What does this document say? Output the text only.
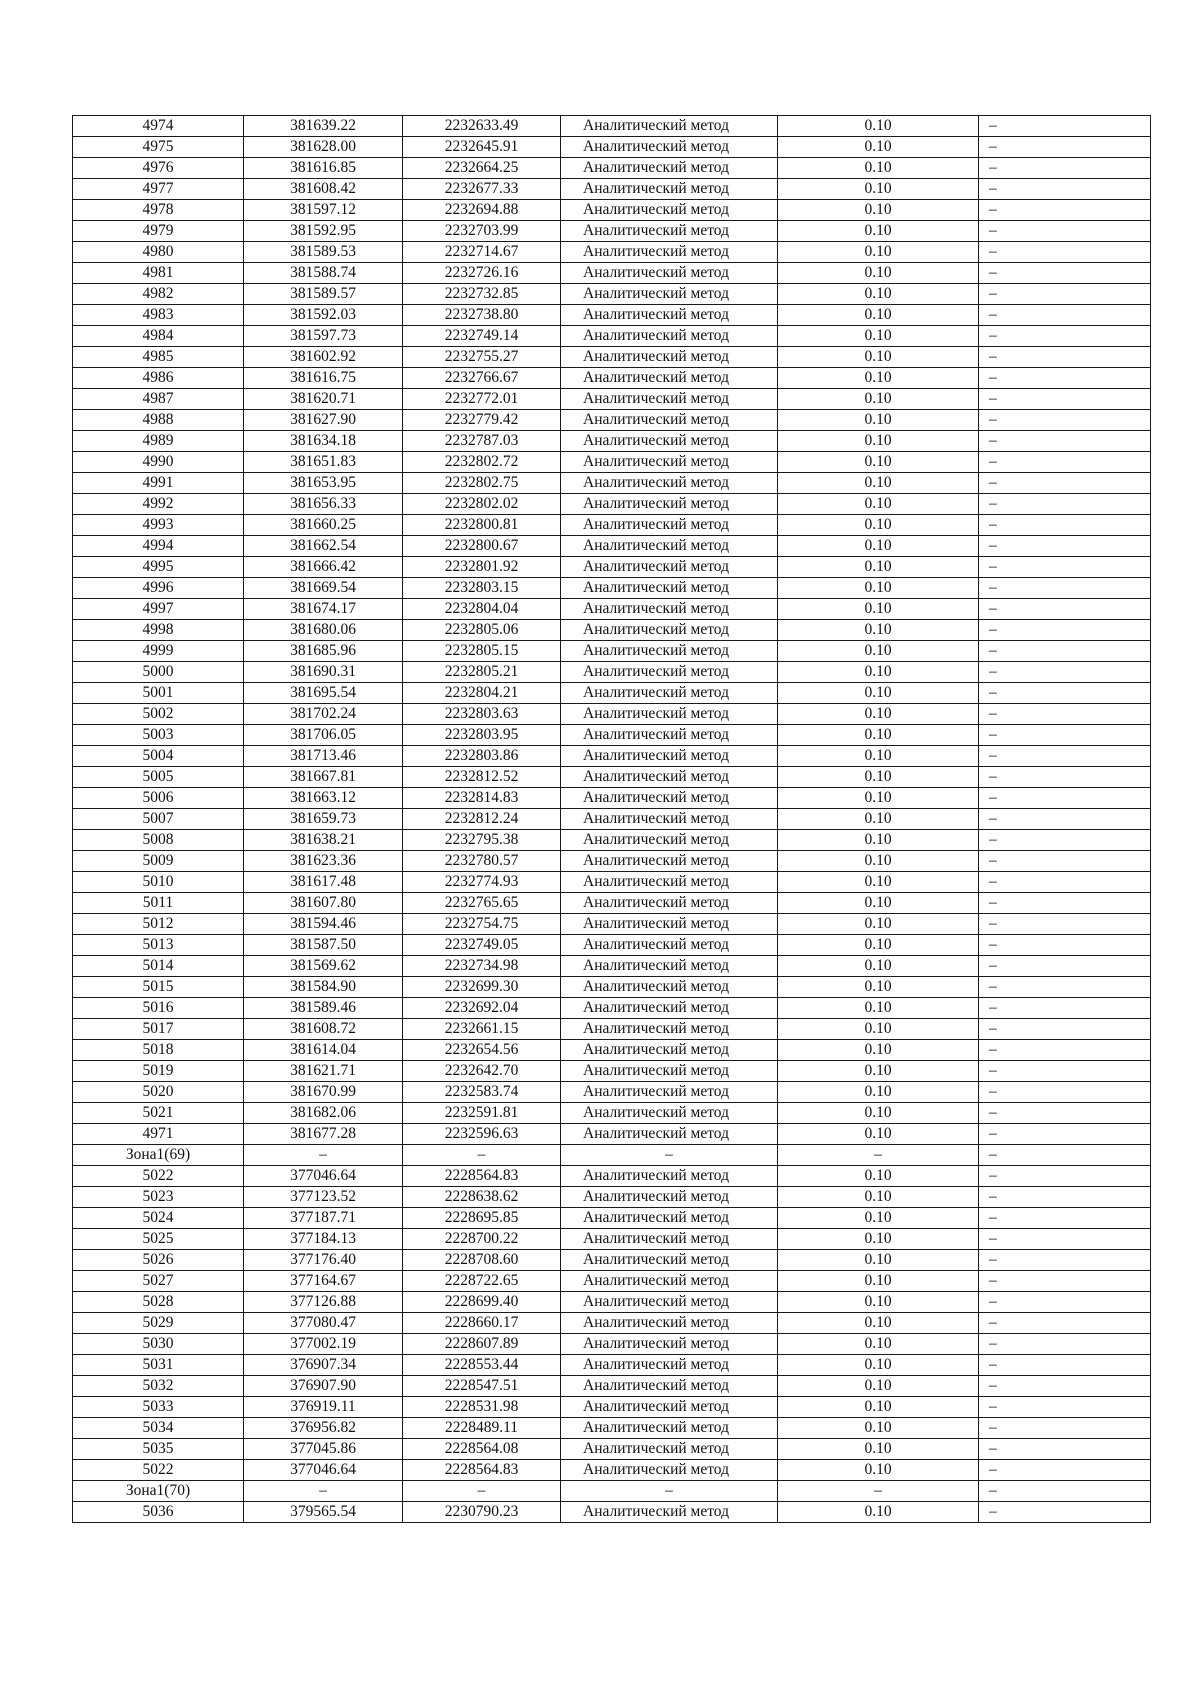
4974	381639.22	2232633.49	Аналитический метод	0.10	–
4975	381628.00	2232645.91	Аналитический метод	0.10	–
4976	381616.85	2232664.25	Аналитический метод	0.10	–
4977	381608.42	2232677.33	Аналитический метод	0.10	–
4978	381597.12	2232694.88	Аналитический метод	0.10	–
4979	381592.95	2232703.99	Аналитический метод	0.10	–
4980	381589.53	2232714.67	Аналитический метод	0.10	–
4981	381588.74	2232726.16	Аналитический метод	0.10	–
4982	381589.57	2232732.85	Аналитический метод	0.10	–
4983	381592.03	2232738.80	Аналитический метод	0.10	–
4984	381597.73	2232749.14	Аналитический метод	0.10	–
4985	381602.92	2232755.27	Аналитический метод	0.10	–
4986	381616.75	2232766.67	Аналитический метод	0.10	–
4987	381620.71	2232772.01	Аналитический метод	0.10	–
4988	381627.90	2232779.42	Аналитический метод	0.10	–
4989	381634.18	2232787.03	Аналитический метод	0.10	–
4990	381651.83	2232802.72	Аналитический метод	0.10	–
4991	381653.95	2232802.75	Аналитический метод	0.10	–
4992	381656.33	2232802.02	Аналитический метод	0.10	–
4993	381660.25	2232800.81	Аналитический метод	0.10	–
4994	381662.54	2232800.67	Аналитический метод	0.10	–
4995	381666.42	2232801.92	Аналитический метод	0.10	–
4996	381669.54	2232803.15	Аналитический метод	0.10	–
4997	381674.17	2232804.04	Аналитический метод	0.10	–
4998	381680.06	2232805.06	Аналитический метод	0.10	–
4999	381685.96	2232805.15	Аналитический метод	0.10	–
5000	381690.31	2232805.21	Аналитический метод	0.10	–
5001	381695.54	2232804.21	Аналитический метод	0.10	–
5002	381702.24	2232803.63	Аналитический метод	0.10	–
5003	381706.05	2232803.95	Аналитический метод	0.10	–
5004	381713.46	2232803.86	Аналитический метод	0.10	–
5005	381667.81	2232812.52	Аналитический метод	0.10	–
5006	381663.12	2232814.83	Аналитический метод	0.10	–
5007	381659.73	2232812.24	Аналитический метод	0.10	–
5008	381638.21	2232795.38	Аналитический метод	0.10	–
5009	381623.36	2232780.57	Аналитический метод	0.10	–
5010	381617.48	2232774.93	Аналитический метод	0.10	–
5011	381607.80	2232765.65	Аналитический метод	0.10	–
5012	381594.46	2232754.75	Аналитический метод	0.10	–
5013	381587.50	2232749.05	Аналитический метод	0.10	–
5014	381569.62	2232734.98	Аналитический метод	0.10	–
5015	381584.90	2232699.30	Аналитический метод	0.10	–
5016	381589.46	2232692.04	Аналитический метод	0.10	–
5017	381608.72	2232661.15	Аналитический метод	0.10	–
5018	381614.04	2232654.56	Аналитический метод	0.10	–
5019	381621.71	2232642.70	Аналитический метод	0.10	–
5020	381670.99	2232583.74	Аналитический метод	0.10	–
5021	381682.06	2232591.81	Аналитический метод	0.10	–
4971	381677.28	2232596.63	Аналитический метод	0.10	–
Зона1(69)	–	–	–	–	–
5022	377046.64	2228564.83	Аналитический метод	0.10	–
5023	377123.52	2228638.62	Аналитический метод	0.10	–
5024	377187.71	2228695.85	Аналитический метод	0.10	–
5025	377184.13	2228700.22	Аналитический метод	0.10	–
5026	377176.40	2228708.60	Аналитический метод	0.10	–
5027	377164.67	2228722.65	Аналитический метод	0.10	–
5028	377126.88	2228699.40	Аналитический метод	0.10	–
5029	377080.47	2228660.17	Аналитический метод	0.10	–
5030	377002.19	2228607.89	Аналитический метод	0.10	–
5031	376907.34	2228553.44	Аналитический метод	0.10	–
5032	376907.90	2228547.51	Аналитический метод	0.10	–
5033	376919.11	2228531.98	Аналитический метод	0.10	–
5034	376956.82	2228489.11	Аналитический метод	0.10	–
5035	377045.86	2228564.08	Аналитический метод	0.10	–
5022	377046.64	2228564.83	Аналитический метод	0.10	–
Зона1(70)	–	–	–	–	–
5036	379565.54	2230790.23	Аналитический метод	0.10	–
